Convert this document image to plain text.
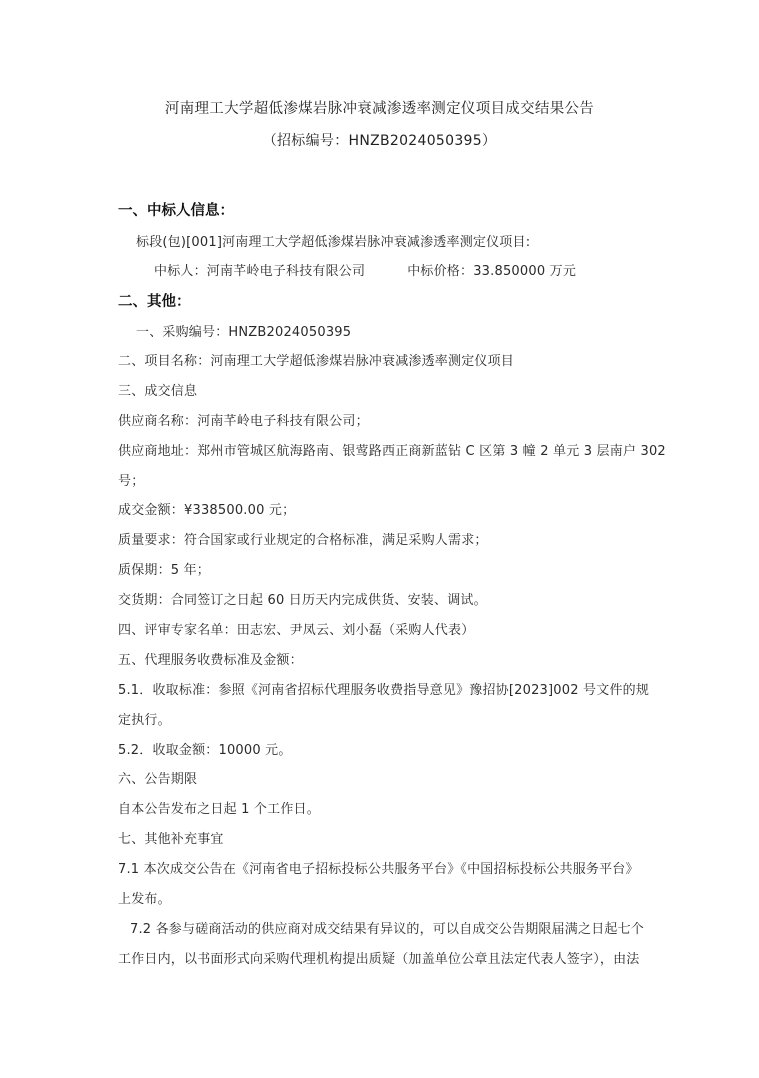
河南理工大学超低渗煤岩脉冲衰减渗透率测定仪项目成交结果公告
（招标编号：HNZB2024050395）
一、中标人信息：
标段(包)[001]河南理工大学超低渗煤岩脉冲衰减渗透率测定仪项目:
中标人：河南芊岭电子科技有限公司	中标价格：33.850000 万元
二、其他：
一、采购编号：HNZB2024050395
二、项目名称：河南理工大学超低渗煤岩脉冲衰减渗透率测定仪项目
三、成交信息
供应商名称：河南芊岭电子科技有限公司；
供应商地址：郑州市管城区航海路南、银莺路西正商新蓝钻 C 区第 3 幢 2 单元 3 层南户 302
号；
成交金额：¥338500.00 元；
质量要求：符合国家或行业规定的合格标准，满足采购人需求；
质保期：5 年；
交货期：合同签订之日起 60 日历天内完成供货、安装、调试。
四、评审专家名单：田志宏、尹凤云、刘小磊（采购人代表）
五、代理服务收费标准及金额：
5.1．收取标准：参照《河南省招标代理服务收费指导意见》豫招协[2023]002 号文件的规
定执行。
5.2．收取金额：10000 元。
六、公告期限
自本公告发布之日起 1 个工作日。
七、其他补充事宜
7.1 本次成交公告在《河南省电子招标投标公共服务平台》《中国招标投标公共服务平台》
上发布。
7.2 各参与磋商活动的供应商对成交结果有异议的，可以自成交公告期限届满之日起七个
工作日内，以书面形式向采购代理机构提出质疑（加盖单位公章且法定代表人签字），由法
